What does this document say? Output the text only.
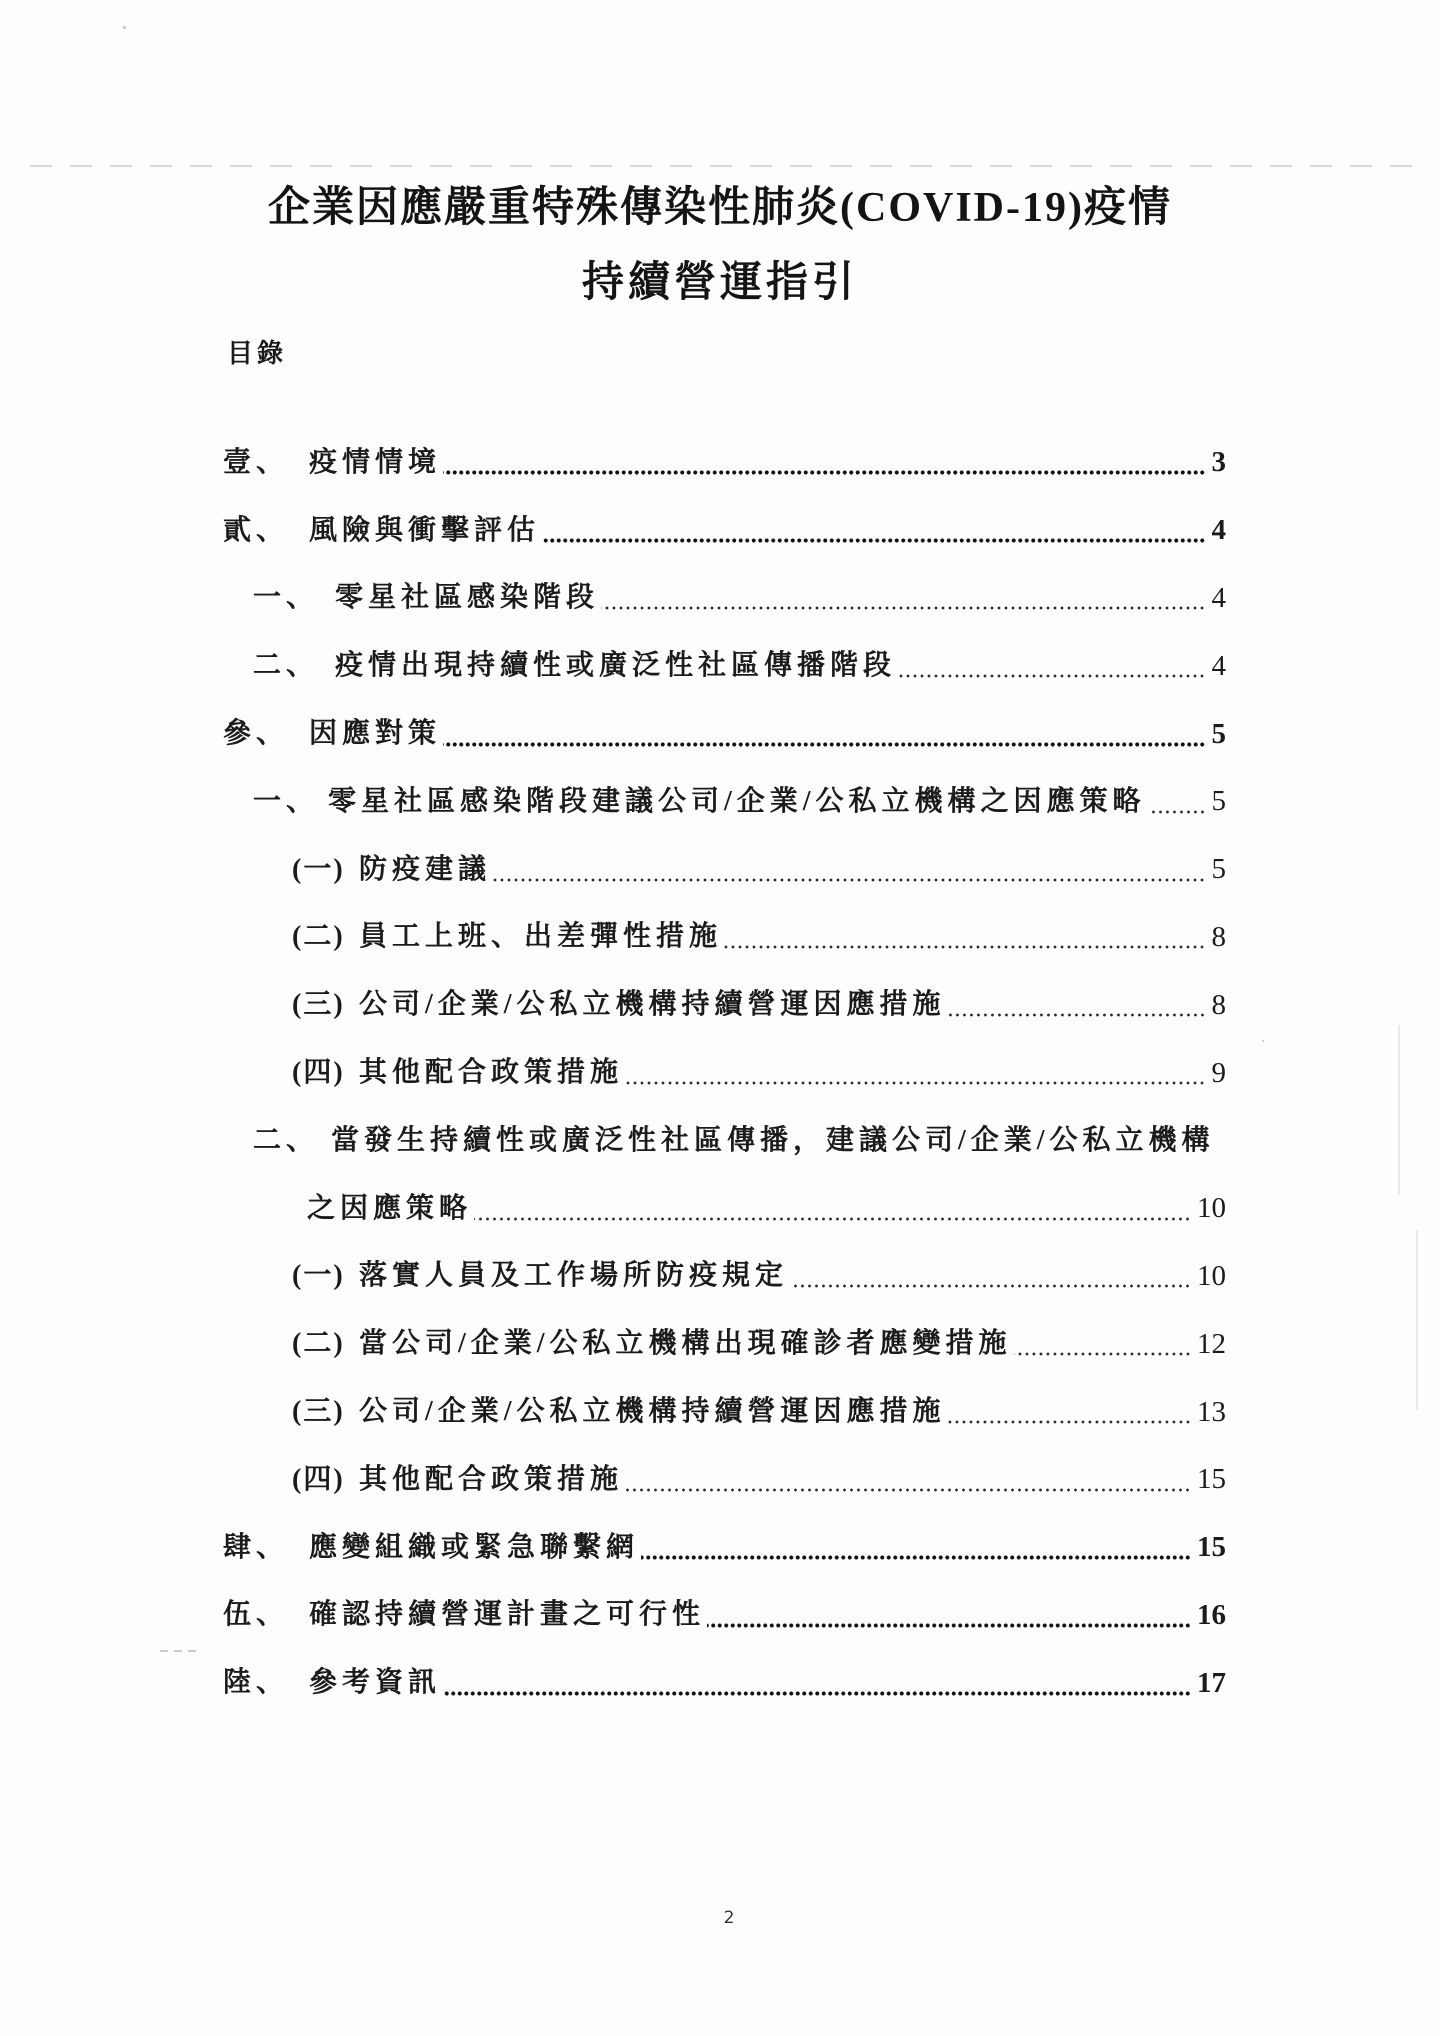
企業因應嚴重特殊傳染性肺炎(COVID-19)疫情
持續營運指引
目錄
壹、 疫情情境	3
貳、 風險與衝擊評估	4
一、 零星社區感染階段	4
二、 疫情出現持續性或廣泛性社區傳播階段	4
參、 因應對策	5
一、 零星社區感染階段建議公司/企業/公私立機構之因應策略 5
(一) 防疫建議	5
(二) 員工上班、出差彈性措施	8
(三) 公司/企業/公私立機構持續營運因應措施	8
(四) 其他配合政策措施	9
二、 當發生持續性或廣泛性社區傳播，建議公司/企業/公私立機構
之因應策略	10
(一) 落實人員及工作場所防疫規定	10
(二) 當公司/企業/公私立機構出現確診者應變措施	12
(三) 公司/企業/公私立機構持續營運因應措施	13
(四) 其他配合政策措施	15
肆、 應變組織或緊急聯繫網	15
伍、 確認持續營運計畫之可行性	16
陸、 參考資訊	17
2
